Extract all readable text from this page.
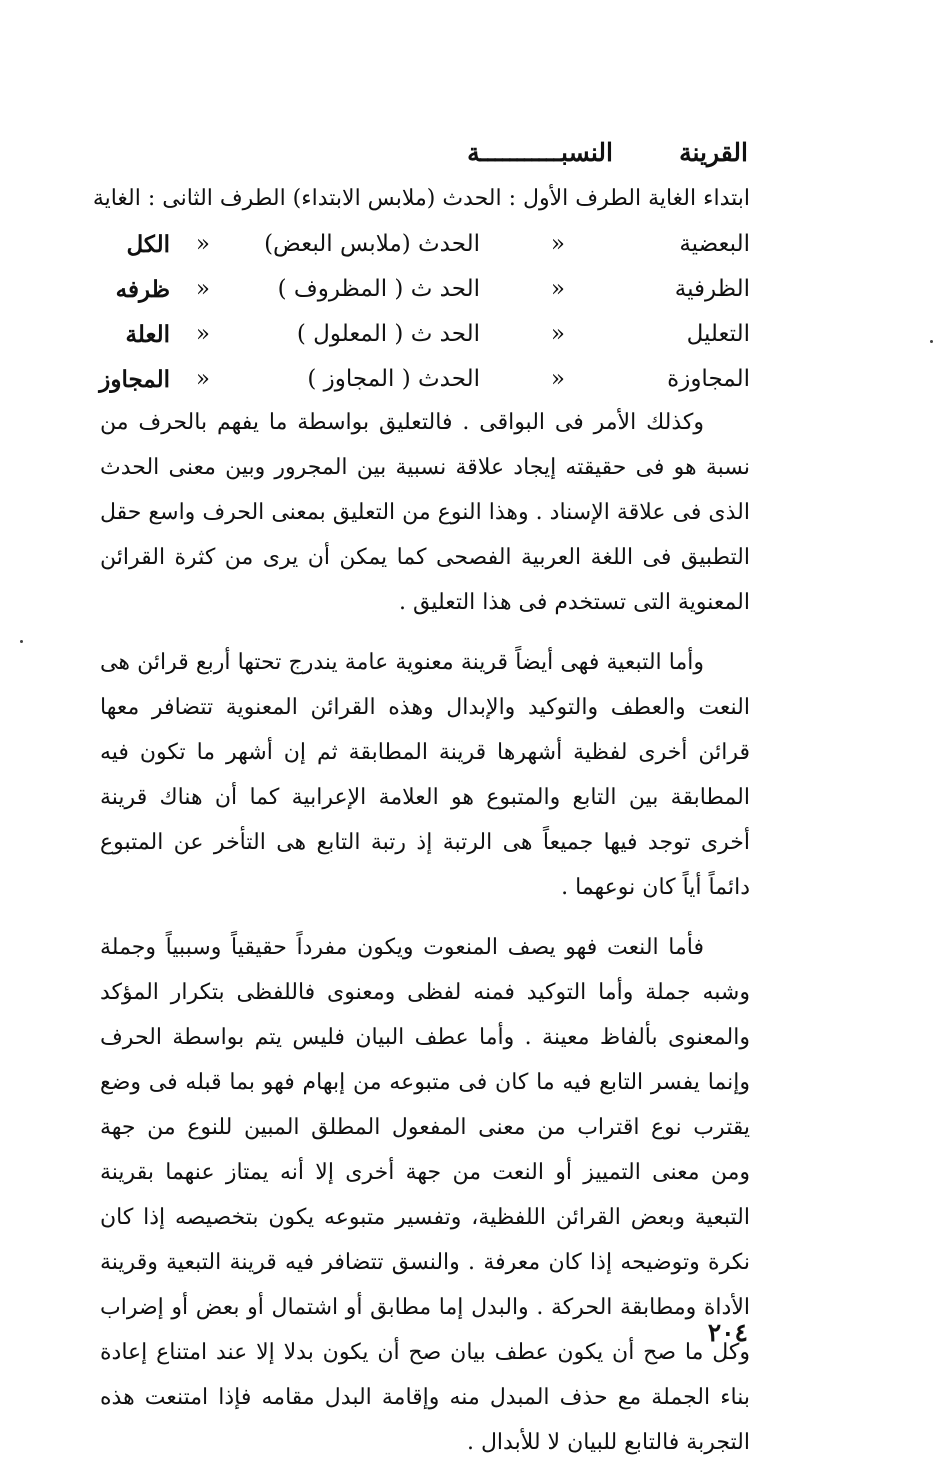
القرينة
النسبـــــــــــة
ابتداء الغاية الطرف الأول : الحدث (ملابس الابتداء) الطرف الثانى : الغاية
البعضية
«
الحدث (ملابس البعض)
«
الكل
الظرفية
«
الحد ث ( المظروف )
«
ظرفه
التعليل
«
الحد ث ( المعلول )
«
العلة
المجاوزة
«
الحدث ( المجاوز )
«
المجاوز

وكذلك الأمر فى البواقى . فالتعليق بواسطة ما يفهم بالحرف من نسبة هو فى حقيقته إيجاد علاقة نسبية بين المجرور وبين معنى الحدث الذى فى علاقة الإسناد . وهذا النوع من التعليق بمعنى الحرف واسع حقل التطبيق فى اللغة العربية الفصحى كما يمكن أن يرى من كثرة القرائن المعنوية التى تستخدم فى هذا التعليق .

وأما التبعية فهى أيضاً قرينة معنوية عامة يندرج تحتها أربع قرائن هى النعت والعطف والتوكيد والإبدال وهذه القرائن المعنوية تتضافر معها قرائن أخرى لفظية أشهرها قرينة المطابقة ثم إن أشهر ما تكون فيه المطابقة بين التابع والمتبوع هو العلامة الإعرابية كما أن هناك قرينة أخرى توجد فيها جميعاً هى الرتبة إذ رتبة التابع هى التأخر عن المتبوع دائماً أياً كان نوعهما .

فأما النعت فهو يصف المنعوت ويكون مفرداً حقيقياً وسببياً وجملة وشبه جملة وأما التوكيد فمنه لفظى ومعنوى فاللفظى بتكرار المؤكد والمعنوى بألفاظ معينة . وأما عطف البيان فليس يتم بواسطة الحرف وإنما يفسر التابع فيه ما كان فى متبوعه من إبهام فهو بما قبله فى وضع يقترب نوع اقتراب من معنى المفعول المطلق المبين للنوع من جهة ومن معنى التمييز أو النعت من جهة أخرى إلا أنه يمتاز عنهما بقرينة التبعية وبعض القرائن اللفظية، وتفسير متبوعه يكون بتخصيصه إذا كان نكرة وتوضيحه إذا كان معرفة . والنسق تتضافر فيه قرينة التبعية وقرينة الأداة ومطابقة الحركة . والبدل إما مطابق أو اشتمال أو بعض أو إضراب وكل ما صح أن يكون عطف بيان صح أن يكون بدلا إلا عند امتناع إعادة بناء الجملة مع حذف المبدل منه وإقامة البدل مقامه فإذا امتنعت هذه التجربة فالتابع للبيان لا للأبدال .

٢٠٤
